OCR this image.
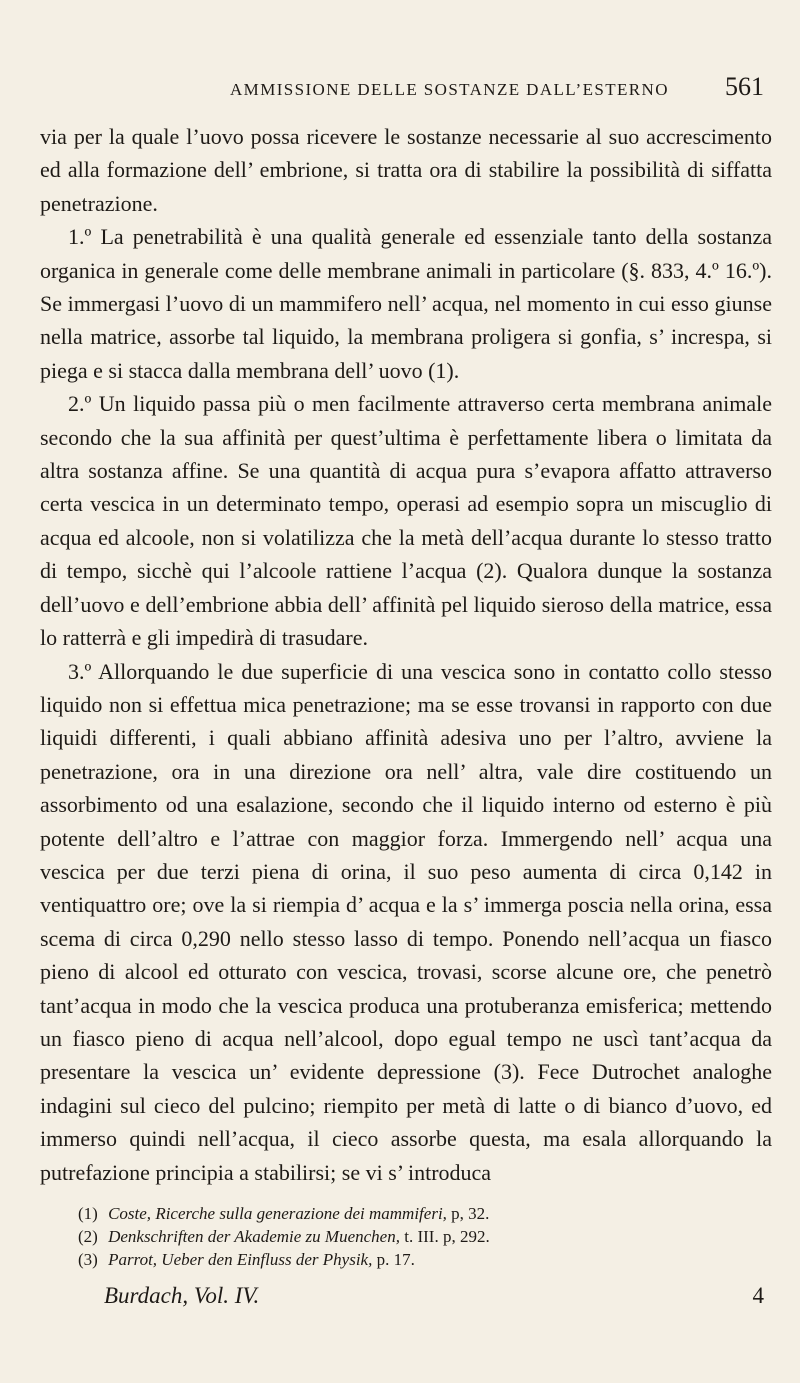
AMMISSIONE DELLE SOSTANZE DALL’ESTERNO 561

via per la quale l’uovo possa ricevere le sostanze necessarie al suo accrescimento ed alla formazione dell’ embrione, si tratta ora di stabilire la possibilità di siffatta penetrazione.

1.º La penetrabilità è una qualità generale ed essenziale tanto della sostanza organica in generale come delle membrane animali in particolare (§. 833, 4.º 16.º). Se immergasi l’uovo di un mammifero nell’ acqua, nel momento in cui esso giunse nella matrice, assorbe tal liquido, la membrana proligera si gonfia, s’ increspa, si piega e si stacca dalla membrana dell’ uovo (1).

2.º Un liquido passa più o men facilmente attraverso certa membrana animale secondo che la sua affinità per quest’ultima è perfettamente libera o limitata da altra sostanza affine. Se una quantità di acqua pura s’evapora affatto attraverso certa vescica in un determinato tempo, operasi ad esempio sopra un miscuglio di acqua ed alcoole, non si volatilizza che la metà dell’acqua durante lo stesso tratto di tempo, sicchè qui l’alcoole rattiene l’acqua (2). Qualora dunque la sostanza dell’uovo e dell’embrione abbia dell’ affinità pel liquido sieroso della matrice, essa lo ratterrà e gli impedirà di trasudare.

3.º Allorquando le due superficie di una vescica sono in contatto collo stesso liquido non si effettua mica penetrazione; ma se esse trovansi in rapporto con due liquidi differenti, i quali abbiano affinità adesiva uno per l’altro, avviene la penetrazione, ora in una direzione ora nell’ altra, vale dire costituendo un assorbimento od una esalazione, secondo che il liquido interno od esterno è più potente dell’altro e l’attrae con maggior forza. Immergendo nell’ acqua una vescica per due terzi piena di orina, il suo peso aumenta di circa 0,142 in ventiquattro ore; ove la si riempia d’ acqua e la s’ immerga poscia nella orina, essa scema di circa 0,290 nello stesso lasso di tempo. Ponendo nell’acqua un fiasco pieno di alcool ed otturato con vescica, trovasi, scorse alcune ore, che penetrò tant’acqua in modo che la vescica produca una protuberanza emisferica; mettendo un fiasco pieno di acqua nell’alcool, dopo egual tempo ne uscì tant’acqua da presentare la vescica un’ evidente depressione (3). Fece Dutrochet analoghe indagini sul cieco del pulcino; riempito per metà di latte o di bianco d’uovo, ed immerso quindi nell’acqua, il cieco assorbe questa, ma esala allorquando la putrefazione principia a stabilirsi; se vi s’ introduca

(1) Coste, Ricerche sulla generazione dei mammiferi, p, 32.
(2) Denkschriften der Akademie zu Muenchen, t. III. p, 292.
(3) Parrot, Ueber den Einfluss der Physik, p. 17.
Burdach, Vol. IV.	4
